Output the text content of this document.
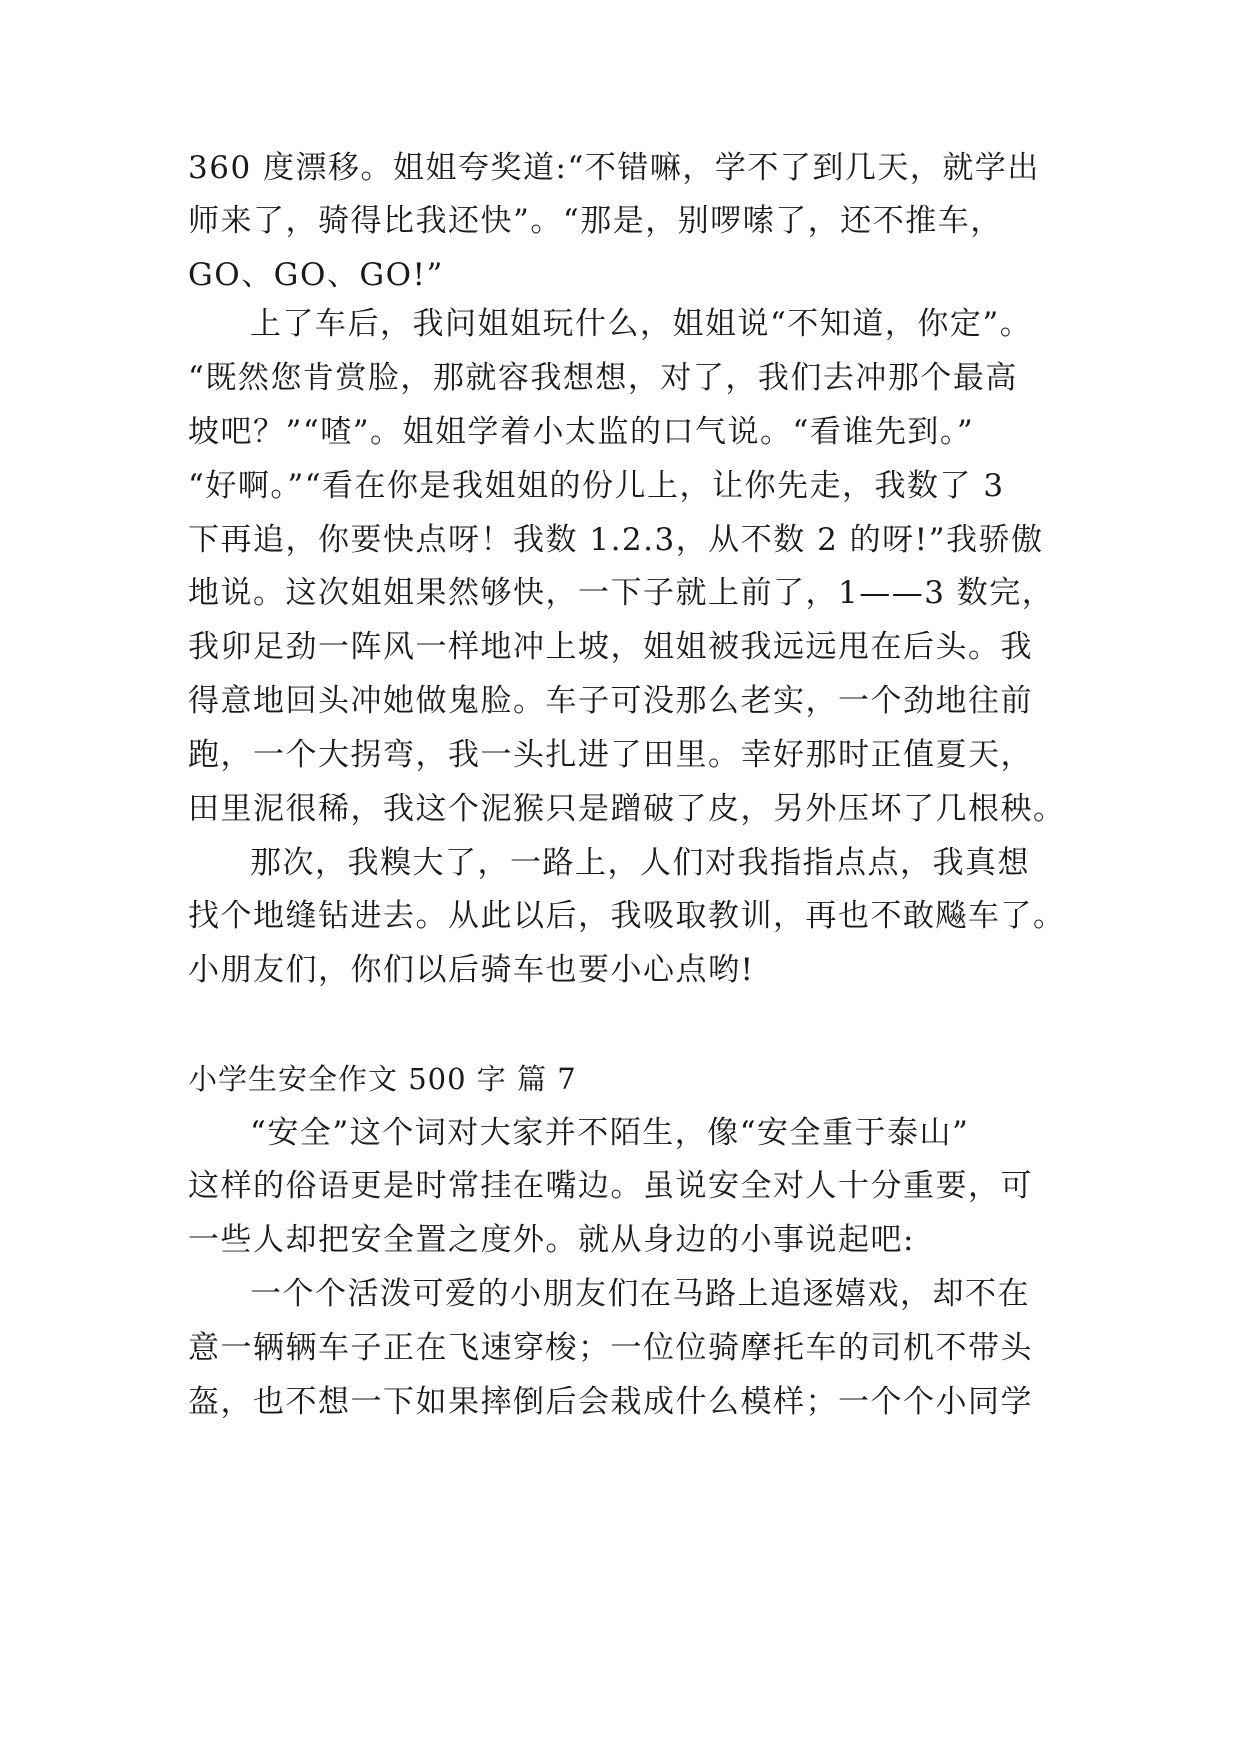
360 度漂移。姐姐夸奖道:“不错嘛，学不了到几天，就学出
师来了，骑得比我还快”。“那是，别啰嗦了，还不推车，
GO、GO、GO!”
上了车后，我问姐姐玩什么，姐姐说“不知道，你定”。
“既然您肯赏脸，那就容我想想，对了，我们去冲那个最高
坡吧？”“喳”。姐姐学着小太监的口气说。“看谁先到。”
“好啊。”“看在你是我姐姐的份儿上，让你先走，我数了 3
下再追，你要快点呀！我数 1.2.3，从不数 2 的呀!”我骄傲
地说。这次姐姐果然够快，一下子就上前了，1——3 数完，
我卯足劲一阵风一样地冲上坡，姐姐被我远远甩在后头。我
得意地回头冲她做鬼脸。车子可没那么老实，一个劲地往前
跑，一个大拐弯，我一头扎进了田里。幸好那时正值夏天，
田里泥很稀，我这个泥猴只是蹭破了皮，另外压坏了几根秧。
那次，我糗大了，一路上，人们对我指指点点，我真想
找个地缝钻进去。从此以后，我吸取教训，再也不敢飚车了。
小朋友们，你们以后骑车也要小心点哟!
小学生安全作文 500 字 篇 7
“安全”这个词对大家并不陌生，像“安全重于泰山”
这样的俗语更是时常挂在嘴边。虽说安全对人十分重要，可
一些人却把安全置之度外。就从身边的小事说起吧:
一个个活泼可爱的小朋友们在马路上追逐嬉戏，却不在
意一辆辆车子正在飞速穿梭；一位位骑摩托车的司机不带头
盔，也不想一下如果摔倒后会栽成什么模样；一个个小同学
